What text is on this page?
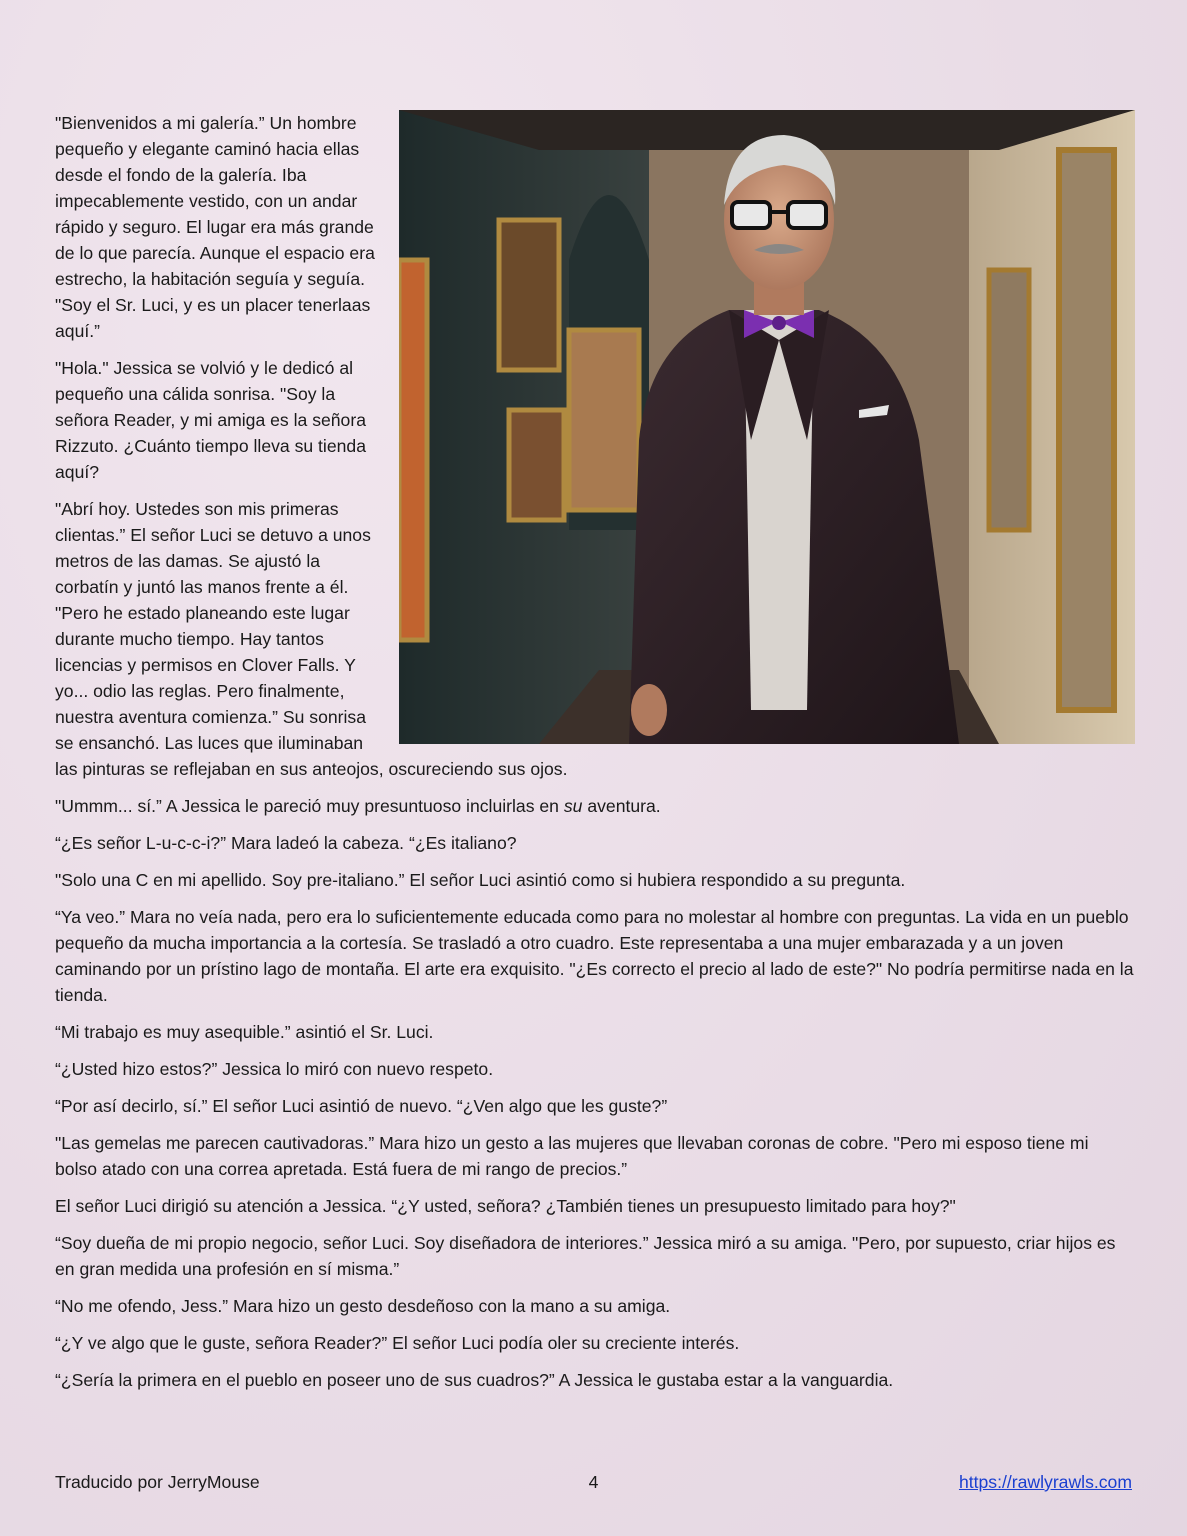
"Bienvenidos a mi galería.” Un hombre pequeño y elegante caminó hacia ellas desde el fondo de la galería. Iba impecablemente vestido, con un andar rápido y seguro. El lugar era más grande de lo que parecía. Aunque el espacio era estrecho, la habitación seguía y seguía. "Soy el Sr. Luci, y es un placer tenerlaas aquí.”

"Hola." Jessica se volvió y le dedicó al pequeño una cálida sonrisa. "Soy la señora Reader, y mi amiga es la señora Rizzuto. ¿Cuánto tiempo lleva su tienda aquí?

"Abrí hoy. Ustedes son mis primeras clientas.” El señor Luci se detuvo a unos metros de las damas. Se ajustó la corbatín y juntó las manos frente a él. "Pero he estado planeando este lugar durante mucho tiempo. Hay tantos licencias y permisos en Clover Falls. Y yo... odio las reglas. Pero finalmente, nuestra aventura comienza.” Su sonrisa se ensanchó. Las luces que iluminaban las pinturas se reflejaban en sus anteojos, oscureciendo sus ojos.

"Ummm... sí.” A Jessica le pareció muy presuntuoso incluirlas en su aventura.

“¿Es señor L-u-c-c-i?” Mara ladeó la cabeza. “¿Es italiano?

"Solo una C en mi apellido. Soy pre-italiano.” El señor Luci asintió como si hubiera respondido a su pregunta.

“Ya veo.” Mara no veía nada, pero era lo suficientemente educada como para no molestar al hombre con preguntas. La vida en un pueblo pequeño da mucha importancia a la cortesía. Se trasladó a otro cuadro. Este representaba a una mujer embarazada y a un joven caminando por un prístino lago de montaña. El arte era exquisito. "¿Es correcto el precio al lado de este?" No podría permitirse nada en la tienda.

“Mi trabajo es muy asequible.” asintió el Sr. Luci.

“¿Usted hizo estos?” Jessica lo miró con nuevo respeto.

“Por así decirlo, sí.” El señor Luci asintió de nuevo. “¿Ven algo que les guste?”

"Las gemelas me parecen cautivadoras.” Mara hizo un gesto a las mujeres que llevaban coronas de cobre. "Pero mi esposo tiene mi bolso atado con una correa apretada. Está fuera de mi rango de precios.”

El señor Luci dirigió su atención a Jessica. “¿Y usted, señora? ¿También tienes un presupuesto limitado para hoy?"

“Soy dueña de mi propio negocio, señor Luci. Soy diseñadora de interiores.” Jessica miró a su amiga. "Pero, por supuesto, criar hijos es en gran medida una profesión en sí misma.”

“No me ofendo, Jess.” Mara hizo un gesto desdeñoso con la mano a su amiga.

“¿Y ve algo que le guste, señora Reader?” El señor Luci podía oler su creciente interés.

“¿Sería la primera en el pueblo en poseer uno de sus cuadros?” A Jessica le gustaba estar a la vanguardia.

Traducido por JerryMouse	4	https://rawlyrawls.com
